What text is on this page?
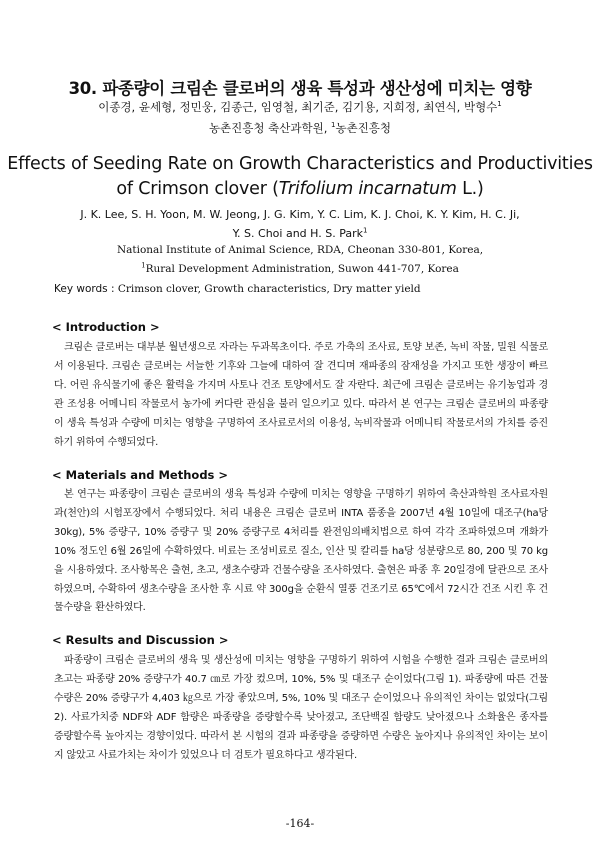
30. 파종량이 크림손 클로버의 생육 특성과 생산성에 미치는 영향
이종경, 윤세형, 정민웅, 김종근, 임영철, 최기준, 김기용, 지희정, 최연식, 박형수$^1$
농촌진흥청 축산과학원, $^1$농촌진흥청
Effects of Seeding Rate on Growth Characteristics and Productivities
of Crimson clover (Trifolium incarnatum L.)
J. K. Lee, S. H. Yoon, M. W. Jeong, J. G. Kim, Y. C. Lim, K. J. Choi, K. Y. Kim, H. C. Ji,
Y. S. Choi and H. S. Park$^1$
National Institute of Animal Science, RDA, Cheonan 330-801, Korea,
$^1$Rural Development Administration, Suwon 441-707, Korea
Key words : Crimson clover, Growth characteristics, Dry matter yield
< Introduction >

크림손 클로버는 대부분 월년생으로 자라는 두과목초이다. 주로 가축의 조사료, 토양 보존, 녹비 작물, 밀원 식물로서 이용된다. 크림손 클로버는 서늘한 기후와 그늘에 대하여 잘 견디며 재파종의 잠재성을 가지고 또한 생장이 빠르다. 어린 유식물기에 좋은 활력을 가지며 사토나 건조 토양에서도 잘 자란다. 최근에 크림손 클로버는 유기농업과 경관 조성용 어메니티 작물로서 농가에 커다란 관심을 불러 일으키고 있다. 따라서 본 연구는 크림손 클로버의 파종량이 생육 특성과 수량에 미치는 영향을 구명하여 조사료로서의 이용성, 녹비작물과 어메니티 작물로서의 가치를 증진하기 위하여 수행되었다.

< Materials and Methods >

본 연구는 파종량이 크림손 클로버의 생육 특성과 수량에 미치는 영향을 구명하기 위하여 축산과학원 조사료자원과(천안)의 시험포장에서 수행되었다. 처리 내용은 크림손 클로버 INTA 품종을 2007년 4월 10일에 대조구(ha당 30kg), 5% 증량구, 10% 증량구 및 20% 증량구로 4처리를 완전임의배치법으로 하여 각각 조파하였으며 개화가 10% 정도인 6월 26일에 수확하였다. 비료는 조성비료로 질소, 인산 및 칼리를 ha당 성분량으로 80, 200 및 70 kg을 시용하였다. 조사항목은 출현, 초고, 생초수량과 건물수량을 조사하였다. 출현은 파종 후 20일경에 달관으로 조사하였으며, 수확하여 생초수량을 조사한 후 시료 약 300g을 순환식 열풍 건조기로 65℃에서 72시간 건조 시킨 후 건물수량을 환산하였다.

< Results and Discussion >

파종량이 크림손 클로버의 생육 및 생산성에 미치는 영향을 구명하기 위하여 시험을 수행한 결과 크림손 클로버의 초고는 파종량 20% 증량구가 40.7 ㎝로 가장 컸으며, 10%, 5% 및 대조구 순이었다(그림 1). 파종량에 따른 건물수량은 20% 증량구가 4,403 ㎏으로 가장 좋았으며, 5%, 10% 및 대조구 순이었으나 유의적인 차이는 없었다(그림 2). 사료가치중 NDF와 ADF 함량은 파종량을 증량할수록 낮아졌고, 조단백질 함량도 낮아졌으나 소화율은 종자를 증량할수록 높아지는 경향이었다. 따라서 본 시험의 결과 파종량을 증량하면 수량은 높아지나 유의적인 차이는 보이지 않았고 사료가치는 차이가 있었으나 더 검토가 필요하다고 생각된다.

-164-
